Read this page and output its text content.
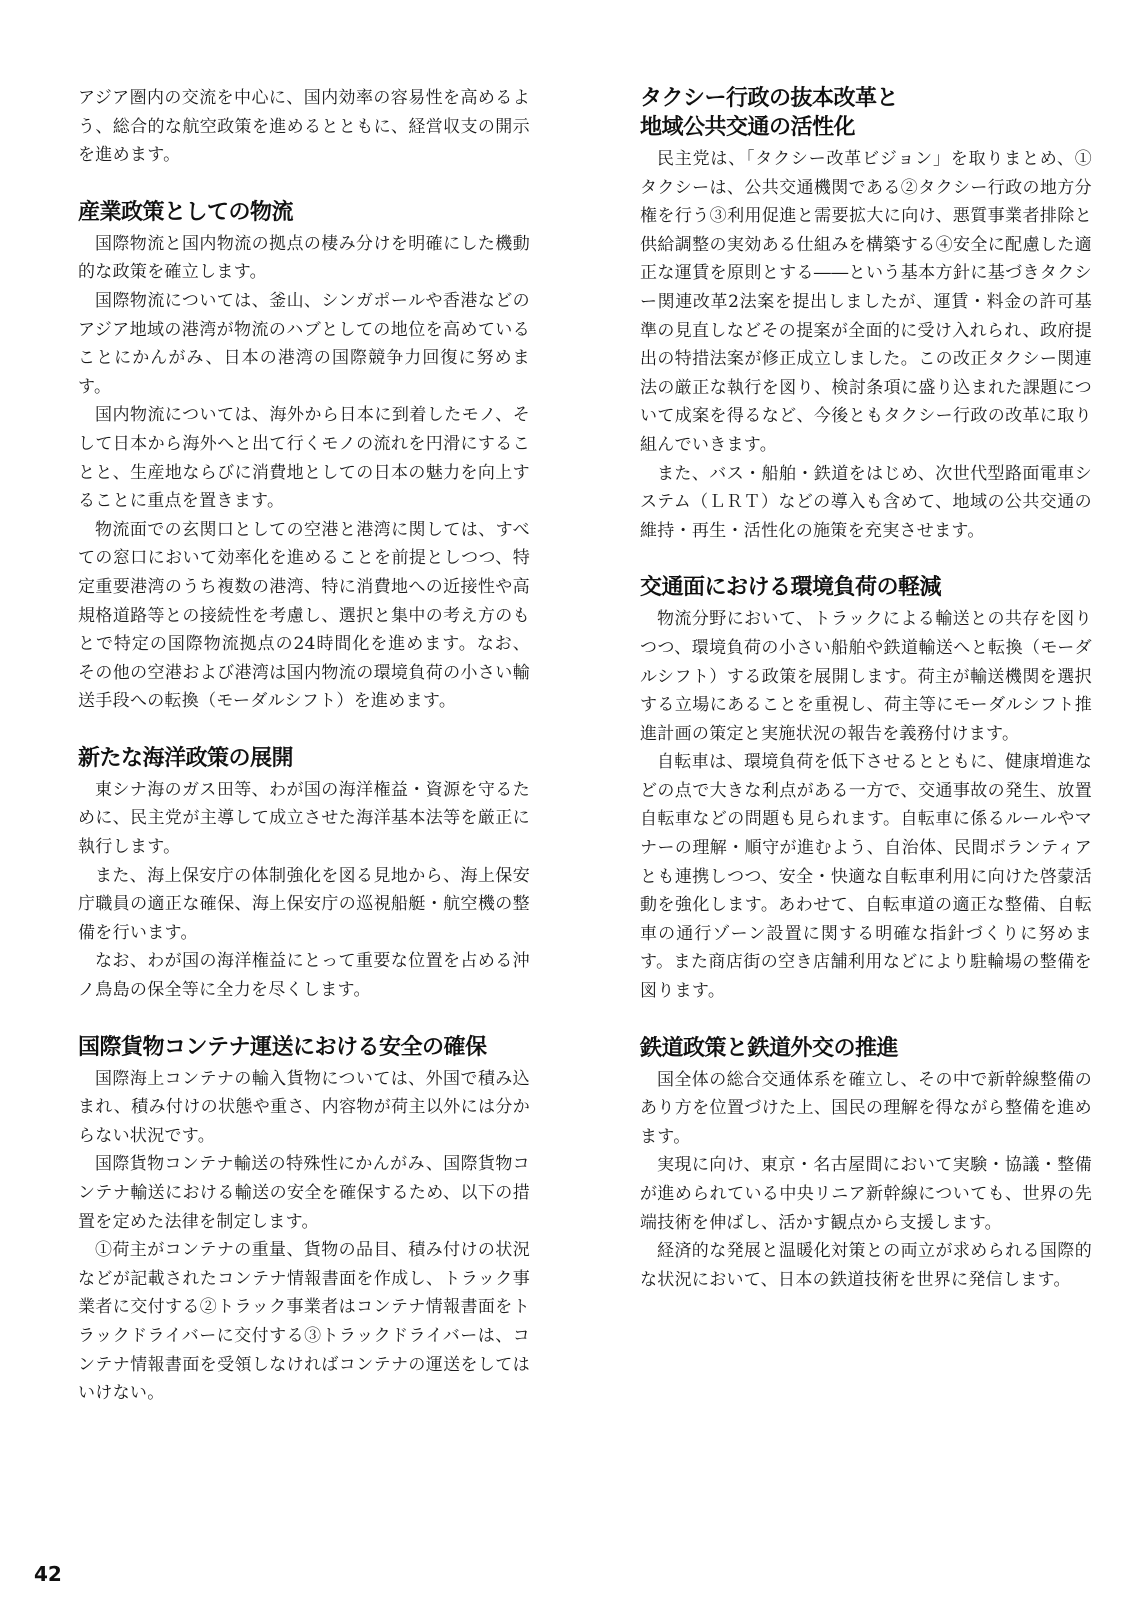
アジア圏内の交流を中心に、国内効率の容易性を高めるよう、総合的な航空政策を進めるとともに、経営収支の開示を進めます。

産業政策としての物流

国際物流と国内物流の拠点の棲み分けを明確にした機動的な政策を確立します。

国際物流については、釜山、シンガポールや香港などのアジア地域の港湾が物流のハブとしての地位を高めていることにかんがみ、日本の港湾の国際競争力回復に努めます。

国内物流については、海外から日本に到着したモノ、そして日本から海外へと出て行くモノの流れを円滑にすることと、生産地ならびに消費地としての日本の魅力を向上することに重点を置きます。

物流面での玄関口としての空港と港湾に関しては、すべての窓口において効率化を進めることを前提としつつ、特定重要港湾のうち複数の港湾、特に消費地への近接性や高規格道路等との接続性を考慮し、選択と集中の考え方のもとで特定の国際物流拠点の24時間化を進めます。なお、その他の空港および港湾は国内物流の環境負荷の小さい輸送手段への転換（モーダルシフト）を進めます。

新たな海洋政策の展開

東シナ海のガス田等、わが国の海洋権益・資源を守るために、民主党が主導して成立させた海洋基本法等を厳正に執行します。

また、海上保安庁の体制強化を図る見地から、海上保安庁職員の適正な確保、海上保安庁の巡視船艇・航空機の整備を行います。

なお、わが国の海洋権益にとって重要な位置を占める沖ノ鳥島の保全等に全力を尽くします。

国際貨物コンテナ運送における安全の確保

国際海上コンテナの輸入貨物については、外国で積み込まれ、積み付けの状態や重さ、内容物が荷主以外には分からない状況です。

国際貨物コンテナ輸送の特殊性にかんがみ、国際貨物コンテナ輸送における輸送の安全を確保するため、以下の措置を定めた法律を制定します。

①荷主がコンテナの重量、貨物の品目、積み付けの状況などが記載されたコンテナ情報書面を作成し、トラック事業者に交付する②トラック事業者はコンテナ情報書面をトラックドライバーに交付する③トラックドライバーは、コンテナ情報書面を受領しなければコンテナの運送をしてはいけない。

タクシー行政の抜本改革と
地域公共交通の活性化

民主党は、「タクシー改革ビジョン」を取りまとめ、①タクシーは、公共交通機関である②タクシー行政の地方分権を行う③利用促進と需要拡大に向け、悪質事業者排除と供給調整の実効ある仕組みを構築する④安全に配慮した適正な運賃を原則とする――という基本方針に基づきタクシー関連改革2法案を提出しましたが、運賃・料金の許可基準の見直しなどその提案が全面的に受け入れられ、政府提出の特措法案が修正成立しました。この改正タクシー関連法の厳正な執行を図り、検討条項に盛り込まれた課題について成案を得るなど、今後ともタクシー行政の改革に取り組んでいきます。

また、バス・船舶・鉄道をはじめ、次世代型路面電車システム（ＬＲＴ）などの導入も含めて、地域の公共交通の維持・再生・活性化の施策を充実させます。

交通面における環境負荷の軽減

物流分野において、トラックによる輸送との共存を図りつつ、環境負荷の小さい船舶や鉄道輸送へと転換（モーダルシフト）する政策を展開します。荷主が輸送機関を選択する立場にあることを重視し、荷主等にモーダルシフト推進計画の策定と実施状況の報告を義務付けます。

自転車は、環境負荷を低下させるとともに、健康増進などの点で大きな利点がある一方で、交通事故の発生、放置自転車などの問題も見られます。自転車に係るルールやマナーの理解・順守が進むよう、自治体、民間ボランティアとも連携しつつ、安全・快適な自転車利用に向けた啓蒙活動を強化します。あわせて、自転車道の適正な整備、自転車の通行ゾーン設置に関する明確な指針づくりに努めます。また商店街の空き店舗利用などにより駐輪場の整備を図ります。

鉄道政策と鉄道外交の推進

国全体の総合交通体系を確立し、その中で新幹線整備のあり方を位置づけた上、国民の理解を得ながら整備を進めます。

実現に向け、東京・名古屋間において実験・協議・整備が進められている中央リニア新幹線についても、世界の先端技術を伸ばし、活かす観点から支援します。

経済的な発展と温暖化対策との両立が求められる国際的な状況において、日本の鉄道技術を世界に発信します。

42
